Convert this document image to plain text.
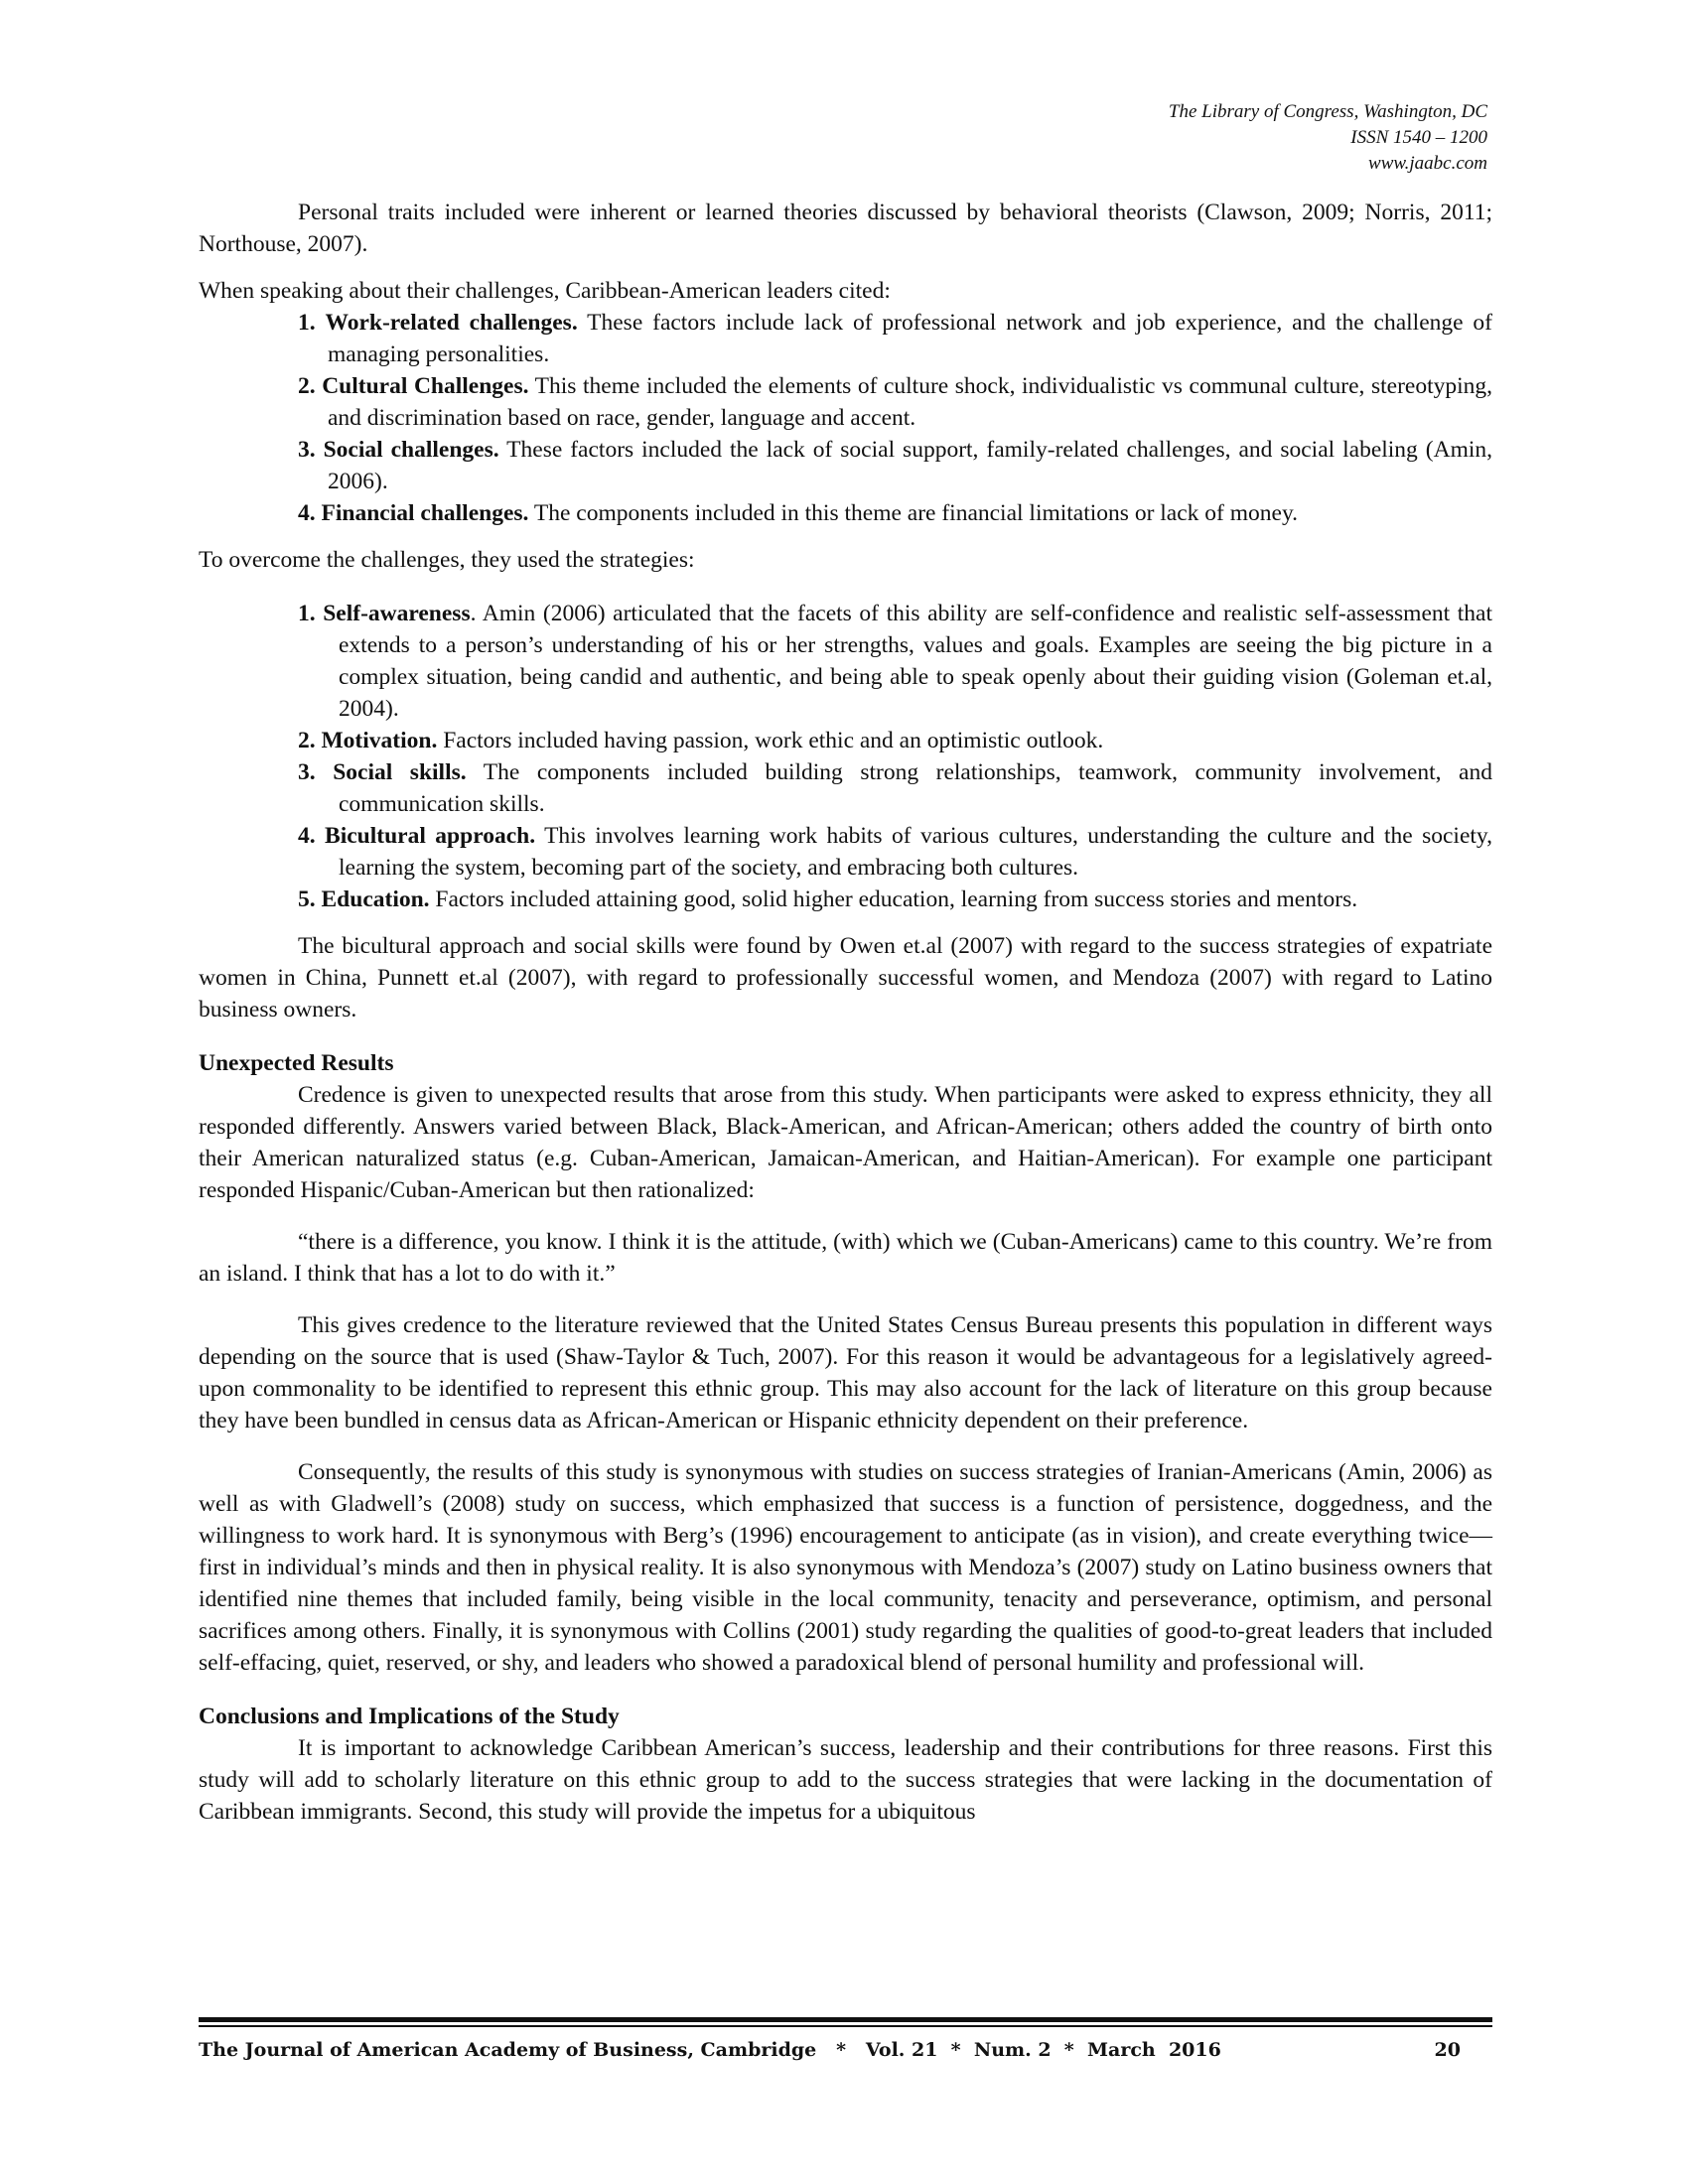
The Library of Congress, Washington, DC
ISSN 1540 – 1200
www.jaabc.com

Personal traits included were inherent or learned theories discussed by behavioral theorists (Clawson, 2009; Norris, 2011; Northouse, 2007).

When speaking about their challenges, Caribbean-American leaders cited:

1. Work-related challenges. These factors include lack of professional network and job experience, and the challenge of managing personalities.
2. Cultural Challenges. This theme included the elements of culture shock, individualistic vs communal culture, stereotyping, and discrimination based on race, gender, language and accent.
3. Social challenges. These factors included the lack of social support, family-related challenges, and social labeling (Amin, 2006).
4. Financial challenges. The components included in this theme are financial limitations or lack of money.

To overcome the challenges, they used the strategies:

1. Self-awareness. Amin (2006) articulated that the facets of this ability are self-confidence and realistic self-assessment that extends to a person’s understanding of his or her strengths, values and goals. Examples are seeing the big picture in a complex situation, being candid and authentic, and being able to speak openly about their guiding vision (Goleman et.al, 2004).
2. Motivation. Factors included having passion, work ethic and an optimistic outlook.
3. Social skills. The components included building strong relationships, teamwork, community involvement, and communication skills.
4. Bicultural approach. This involves learning work habits of various cultures, understanding the culture and the society, learning the system, becoming part of the society, and embracing both cultures.
5. Education. Factors included attaining good, solid higher education, learning from success stories and mentors.

The bicultural approach and social skills were found by Owen et.al (2007) with regard to the success strategies of expatriate women in China, Punnett et.al (2007), with regard to professionally successful women, and Mendoza (2007) with regard to Latino business owners.

Unexpected Results

Credence is given to unexpected results that arose from this study. When participants were asked to express ethnicity, they all responded differently. Answers varied between Black, Black-American, and African-American; others added the country of birth onto their American naturalized status (e.g. Cuban-American, Jamaican-American, and Haitian-American). For example one participant responded Hispanic/Cuban-American but then rationalized:

“there is a difference, you know. I think it is the attitude, (with) which we (Cuban-Americans) came to this country. We’re from an island. I think that has a lot to do with it.”

This gives credence to the literature reviewed that the United States Census Bureau presents this population in different ways depending on the source that is used (Shaw-Taylor & Tuch, 2007). For this reason it would be advantageous for a legislatively agreed-upon commonality to be identified to represent this ethnic group. This may also account for the lack of literature on this group because they have been bundled in census data as African-American or Hispanic ethnicity dependent on their preference.

Consequently, the results of this study is synonymous with studies on success strategies of Iranian-Americans (Amin, 2006) as well as with Gladwell’s (2008) study on success, which emphasized that success is a function of persistence, doggedness, and the willingness to work hard. It is synonymous with Berg’s (1996) encouragement to anticipate (as in vision), and create everything twice—first in individual’s minds and then in physical reality. It is also synonymous with Mendoza’s (2007) study on Latino business owners that identified nine themes that included family, being visible in the local community, tenacity and perseverance, optimism, and personal sacrifices among others. Finally, it is synonymous with Collins (2001) study regarding the qualities of good-to-great leaders that included self-effacing, quiet, reserved, or shy, and leaders who showed a paradoxical blend of personal humility and professional will.

Conclusions and Implications of the Study

It is important to acknowledge Caribbean American’s success, leadership and their contributions for three reasons. First this study will add to scholarly literature on this ethnic group to add to the success strategies that were lacking in the documentation of Caribbean immigrants. Second, this study will provide the impetus for a ubiquitous

The Journal of American Academy of Business, Cambridge   *   Vol. 21  *  Num. 2  *  March  2016	20
